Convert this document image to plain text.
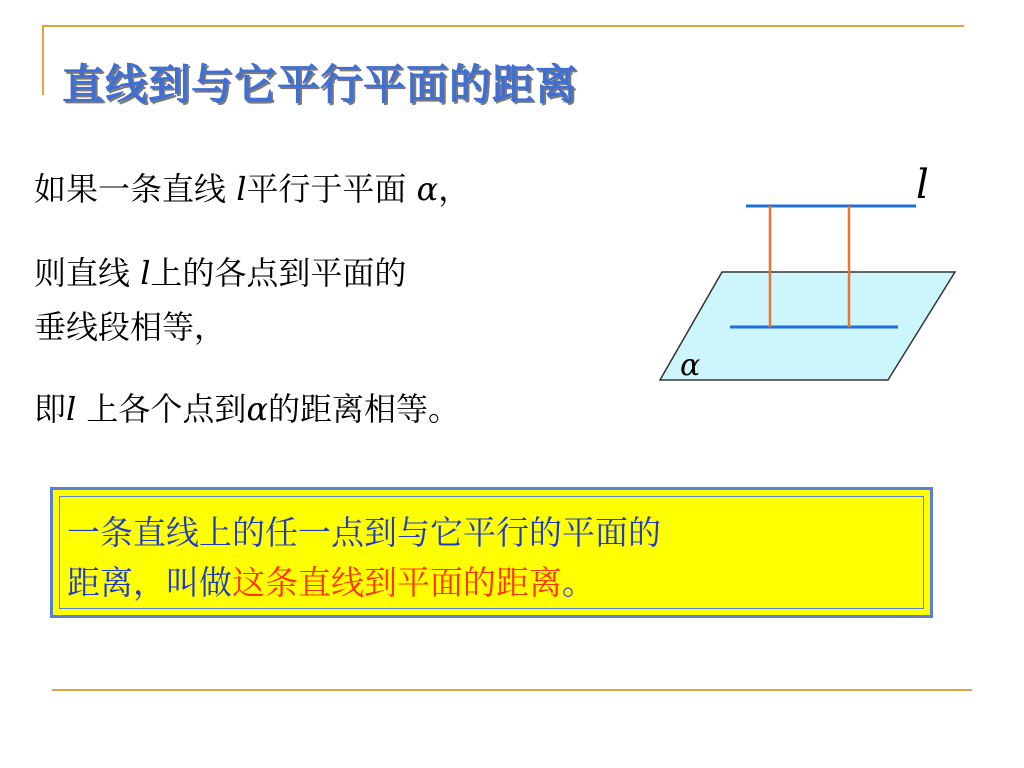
直线到与它平行平面的距离
如果一条直线 l平行于平面 α，
则直线 l上的各点到平面的
垂线段相等，
即l 上各个点到α的距离相等。
l
α
一条直线上的任一点到与它平行的平面的
距离，叫做这条直线到平面的距离。
